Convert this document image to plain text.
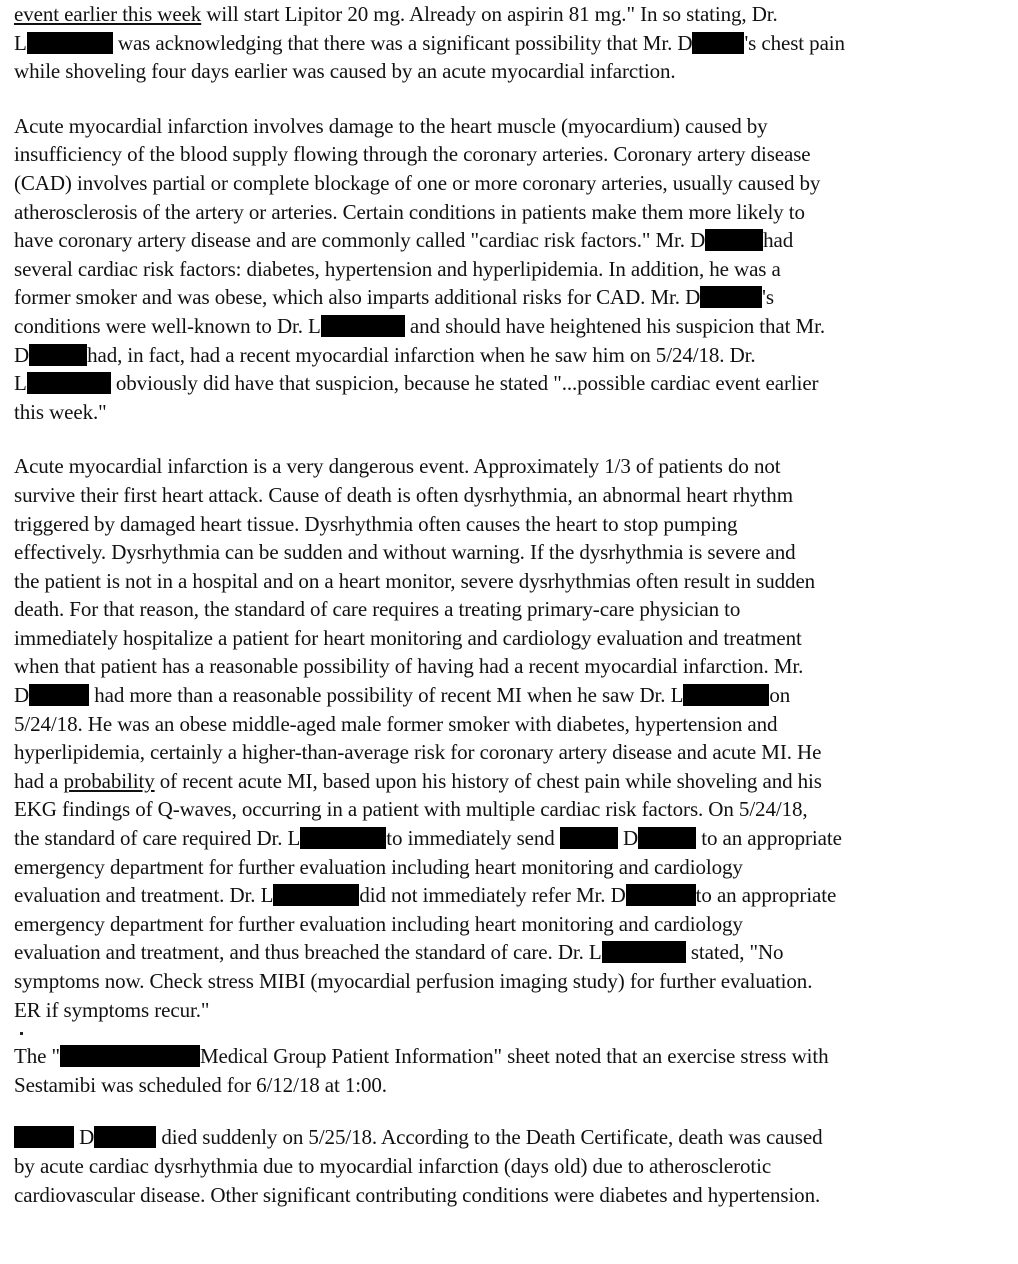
event earlier this week will start Lipitor 20 mg. Already on aspirin 81 mg." In so stating, Dr.
L	was acknowledging that there was a significant possibility that Mr. D 's chest pain
while shoveling four days earlier was caused by an acute myocardial infarction.
Acute myocardial infarction involves damage to the heart muscle (myocardium) caused by
insufficiency of the blood supply flowing through the coronary arteries. Coronary artery disease
(CAD) involves partial or complete blockage of one or more coronary arteries, usually caused by
atherosclerosis of the artery or arteries. Certain conditions in patients make them more likely to
have coronary artery disease and are commonly called "cardiac risk factors." Mr. D	had
several cardiac risk factors: diabetes, hypertension and hyperlipidemia. In addition, he was a
former smoker and was obese, which also imparts additional risks for CAD. Mr. D	's
conditions were well-known to Dr. L	and should have heightened his suspicion that Mr.
D	had, in fact, had a recent myocardial infarction when he saw him on 5/24/18. Dr.
L	obviously did have that suspicion, because he stated "...possible cardiac event earlier
this week."
Acute myocardial infarction is a very dangerous event. Approximately 1/3 of patients do not
survive their first heart attack. Cause of death is often dysrhythmia, an abnormal heart rhythm
triggered by damaged heart tissue. Dysrhythmia often causes the heart to stop pumping
effectively. Dysrhythmia can be sudden and without warning. If the dysrhythmia is severe and
the patient is not in a hospital and on a heart monitor, severe dysrhythmias often result in sudden
death. For that reason, the standard of care requires a treating primary-care physician to
immediately hospitalize a patient for heart monitoring and cardiology evaluation and treatment
when that patient has a reasonable possibility of having had a recent myocardial infarction. Mr.
D	had more than a reasonable possibility of recent MI when he saw Dr. L	on
5/24/18. He was an obese middle-aged male former smoker with diabetes, hypertension and
hyperlipidemia, certainly a higher-than-average risk for coronary artery disease and acute MI. He
had a probability of recent acute MI, based upon his history of chest pain while shoveling and his
EKG findings of Q-waves, occurring in a patient with multiple cardiac risk factors. On 5/24/18,
the standard of care required Dr. L	to immediately send	D	to an appropriate
emergency department for further evaluation including heart monitoring and cardiology
evaluation and treatment. Dr. L	did not immediately refer Mr. D	to an appropriate
emergency department for further evaluation including heart monitoring and cardiology
evaluation and treatment, and thus breached the standard of care. Dr. L	stated, "No
symptoms now. Check stress MIBI (myocardial perfusion imaging study) for further evaluation.
ER if symptoms recur."
The "	Medical Group Patient Information" sheet noted that an exercise stress with
Sestamibi was scheduled for 6/12/18 at 1:00.
D	died suddenly on 5/25/18. According to the Death Certificate, death was caused
by acute cardiac dysrhythmia due to myocardial infarction (days old) due to atherosclerotic
cardiovascular disease. Other significant contributing conditions were diabetes and hypertension.
